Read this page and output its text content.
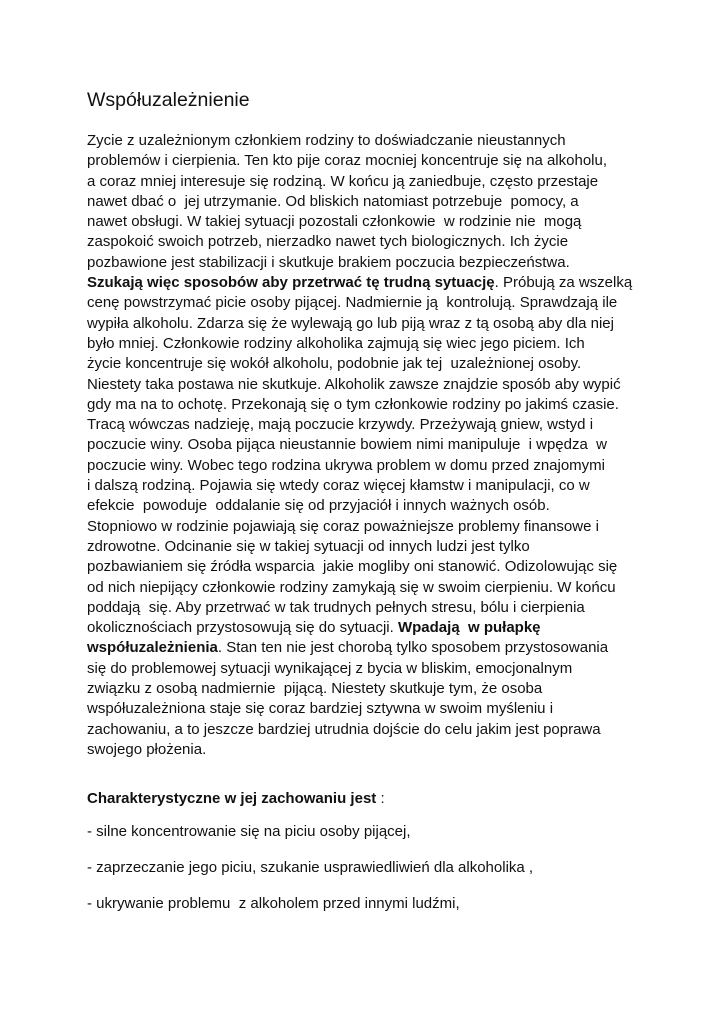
Współuzależnienie
Zycie z uzależnionym członkiem rodziny to doświadczanie nieustannych
problemów i cierpienia. Ten kto pije coraz mocniej koncentruje się na alkoholu,
a coraz mniej interesuje się rodziną. W końcu ją zaniedbuje, często przestaje
nawet dbać o  jej utrzymanie. Od bliskich natomiast potrzebuje  pomocy, a
nawet obsługi. W takiej sytuacji pozostali członkowie  w rodzinie nie  mogą
zaspokoić swoich potrzeb, nierzadko nawet tych biologicznych. Ich życie
pozbawione jest stabilizacji i skutkuje brakiem poczucia bezpieczeństwa.
Szukają więc sposobów aby przetrwać tę trudną sytuację. Próbują za wszelką
cenę powstrzymać picie osoby pijącej. Nadmiernie ją  kontrolują. Sprawdzają ile
wypiła alkoholu. Zdarza się że wylewają go lub piją wraz z tą osobą aby dla niej
było mniej. Członkowie rodziny alkoholika zajmują się wiec jego piciem. Ich
życie koncentruje się wokół alkoholu, podobnie jak tej  uzależnionej osoby.
Niestety taka postawa nie skutkuje. Alkoholik zawsze znajdzie sposób aby wypić
gdy ma na to ochotę. Przekonają się o tym członkowie rodziny po jakimś czasie.
Tracą wówczas nadzieję, mają poczucie krzywdy. Przeżywają gniew, wstyd i
poczucie winy. Osoba pijąca nieustannie bowiem nimi manipuluje  i wpędza  w
poczucie winy. Wobec tego rodzina ukrywa problem w domu przed znajomymi
i dalszą rodziną. Pojawia się wtedy coraz więcej kłamstw i manipulacji, co w
efekcie  powoduje  oddalanie się od przyjaciół i innych ważnych osób.
Stopniowo w rodzinie pojawiają się coraz poważniejsze problemy finansowe i
zdrowotne. Odcinanie się w takiej sytuacji od innych ludzi jest tylko
pozbawianiem się źródła wsparcia  jakie mogliby oni stanowić. Odizolowując się
od nich niepijący członkowie rodziny zamykają się w swoim cierpieniu. W końcu
poddają  się. Aby przetrwać w tak trudnych pełnych stresu, bólu i cierpienia
okolicznościach przystosowują się do sytuacji. Wpadają  w pułapkę
współuzależnienia. Stan ten nie jest chorobą tylko sposobem przystosowania
się do problemowej sytuacji wynikającej z bycia w bliskim, emocjonalnym
związku z osobą nadmiernie  pijącą. Niestety skutkuje tym, że osoba
współuzależniona staje się coraz bardziej sztywna w swoim myśleniu i
zachowaniu, a to jeszcze bardziej utrudnia dojście do celu jakim jest poprawa
swojego płożenia.
Charakterystyczne w jej zachowaniu jest :
- silne koncentrowanie się na piciu osoby pijącej,
- zaprzeczanie jego piciu, szukanie usprawiedliwień dla alkoholika ,
- ukrywanie problemu  z alkoholem przed innymi ludźmi,
